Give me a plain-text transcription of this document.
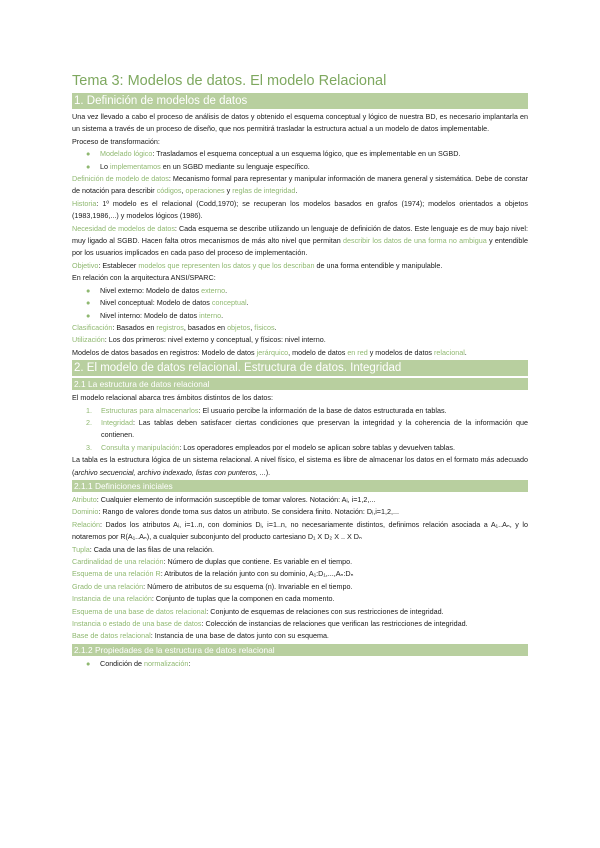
Tema 3: Modelos de datos. El modelo Relacional
1. Definición de modelos de datos

Una vez llevado a cabo el proceso de análisis de datos y obtenido el esquema conceptual y lógico de nuestra BD, es necesario implantarla en un sistema a través de un proceso de diseño, que nos permitirá trasladar la estructura actual a un modelo de datos implementable.

Proceso de transformación:

● Modelado lógico: Trasladamos el esquema conceptual a un esquema lógico, que es implementable en un SGBD.
● Lo implementamos en un SGBD mediante su lenguaje específico.

Definición de modelo de datos: Mecanismo formal para representar y manipular información de manera general y sistemática. Debe de constar de notación para describir códigos, operaciones y reglas de integridad.

Historia: 1º modelo es el relacional (Codd,1970); se recuperan los modelos basados en grafos (1974); modelos orientados a objetos (1983,1986,...) y modelos lógicos (1986).

Necesidad de modelos de datos: Cada esquema se describe utilizando un lenguaje de definición de datos. Este lenguaje es de muy bajo nivel: muy ligado al SGBD. Hacen falta otros mecanismos de más alto nivel que permitan describir los datos de una forma no ambigua y entendible por los usuarios implicados en cada paso del proceso de implementación.

Objetivo: Establecer modelos que representen los datos y que los describan de una forma entendible y manipulable.

En relación con la arquitectura ANSI/SPARC:

● Nivel externo: Modelo de datos externo.
● Nivel conceptual: Modelo de datos conceptual.
● Nivel interno: Modelo de datos interno.

Clasificación: Basados en registros, basados en objetos, físicos.

Utilización: Los dos primeros: nivel externo y conceptual, y físicos: nivel interno.

Modelos de datos basados en registros: Modelo de datos jerárquico, modelo de datos en red y modelos de datos relacional.

2. El modelo de datos relacional. Estructura de datos. Integridad
2.1 La estructura de datos relacional

El modelo relacional abarca tres ámbitos distintos de los datos:

1. Estructuras para almacenarlos: El usuario percibe la información de la base de datos estructurada en tablas.
2. Integridad: Las tablas deben satisfacer ciertas condiciones que preservan la integridad y la coherencia de la información que contienen.
3. Consulta y manipulación: Los operadores empleados por el modelo se aplican sobre tablas y devuelven tablas.

La tabla es la estructura lógica de un sistema relacional. A nivel físico, el sistema es libre de almacenar los datos en el formato más adecuado (archivo secuencial, archivo indexado, listas con punteros, ...).

2.1.1 Definiciones iniciales

Atributo: Cualquier elemento de información susceptible de tomar valores. Notación: Aᵢ, i=1,2,...

Dominio: Rango de valores donde toma sus datos un atributo. Se considera finito. Notación: Dᵢ,i=1,2,...

Relación: Dados los atributos Aᵢ, i=1..n, con dominios Dᵢ, i=1..n, no necesariamente distintos, definimos relación asociada a A₁..Aₙ, y lo notaremos por R(A₁..Aₙ), a cualquier subconjunto del producto cartesiano D₁ X D₂ X .. X Dₙ

Tupla: Cada una de las filas de una relación.

Cardinalidad de una relación: Número de duplas que contiene. Es variable en el tiempo.

Esquema de una relación R: Atributos de la relación junto con su dominio, A₁:D₁,...,Aₙ:Dₙ

Grado de una relación: Número de atributos de su esquema (n). Invariable en el tiempo.

Instancia de una relación: Conjunto de tuplas que la componen en cada momento.

Esquema de una base de datos relacional: Conjunto de esquemas de relaciones con sus restricciones de integridad.

Instancia o estado de una base de datos: Colección de instancias de relaciones que verifican las restricciones de integridad.

Base de datos relacional: Instancia de una base de datos junto con su esquema.

2.1.2 Propiedades de la estructura de datos relacional
● Condición de normalización:
